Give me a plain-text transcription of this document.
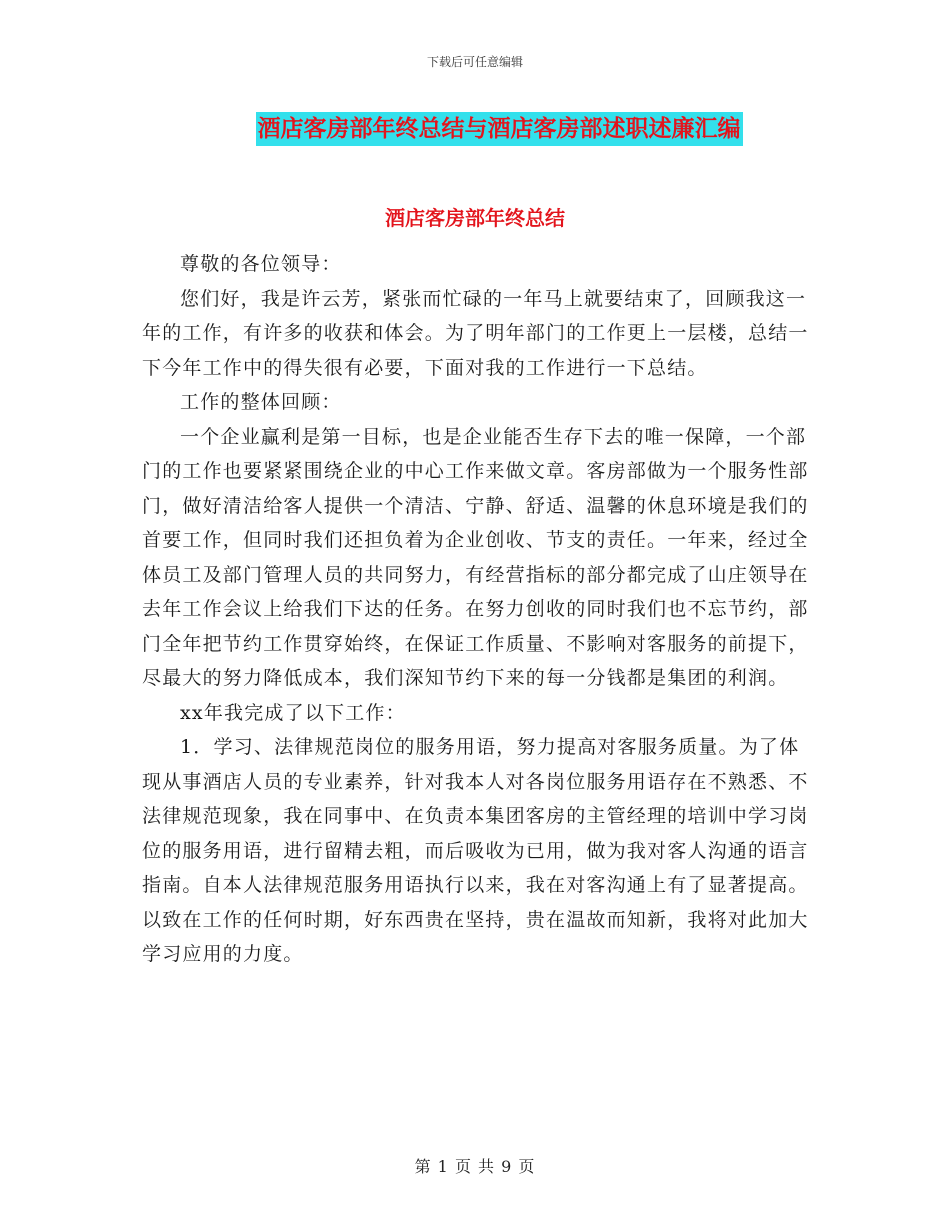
下载后可任意编辑
酒店客房部年终总结与酒店客房部述职述廉汇编
酒店客房部年终总结

尊敬的各位领导：

您们好，我是许云芳，紧张而忙碌的一年马上就要结束了，回顾我这一年的工作，有许多的收获和体会。为了明年部门的工作更上一层楼，总结一下今年工作中的得失很有必要，下面对我的工作进行一下总结。

工作的整体回顾：

一个企业赢利是第一目标，也是企业能否生存下去的唯一保障，一个部门的工作也要紧紧围绕企业的中心工作来做文章。客房部做为一个服务性部门，做好清洁给客人提供一个清洁、宁静、舒适、温馨的休息环境是我们的首要工作，但同时我们还担负着为企业创收、节支的责任。一年来，经过全体员工及部门管理人员的共同努力，有经营指标的部分都完成了山庄领导在去年工作会议上给我们下达的任务。在努力创收的同时我们也不忘节约，部门全年把节约工作贯穿始终，在保证工作质量、不影响对客服务的前提下，尽最大的努力降低成本，我们深知节约下来的每一分钱都是集团的利润。

xx年我完成了以下工作：

1．学习、法律规范岗位的服务用语，努力提高对客服务质量。为了体现从事酒店人员的专业素养，针对我本人对各岗位服务用语存在不熟悉、不法律规范现象，我在同事中、在负责本集团客房的主管经理的培训中学习岗位的服务用语，进行留精去粗，而后吸收为已用，做为我对客人沟通的语言指南。自本人法律规范服务用语执行以来，我在对客沟通上有了显著提高。以致在工作的任何时期，好东西贵在坚持，贵在温故而知新，我将对此加大学习应用的力度。

第 1 页 共 9 页
